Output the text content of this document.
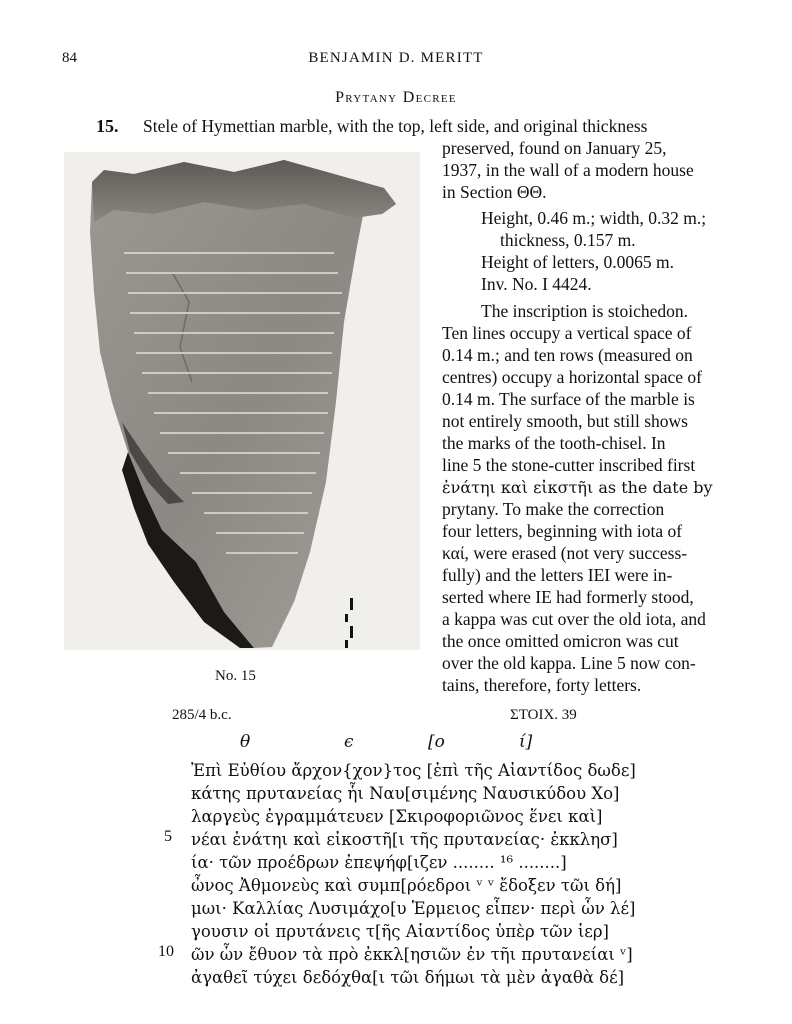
84	BENJAMIN D. MERITT
Prytany Decree
15. Stele of Hymettian marble, with the top, left side, and original thickness
preserved, found on January 25,
1937, in the wall of a modern house
in Section ΘΘ.
Height, 0.46 m.; width, 0.32 m.;
thickness, 0.157 m.
Height of letters, 0.0065 m.
Inv. No. I 4424.
The inscription is stoichedon.
Ten lines occupy a vertical space of
0.14 m.; and ten rows (measured on
centres) occupy a horizontal space of
0.14 m. The surface of the marble is
not entirely smooth, but still shows
the marks of the tooth-chisel. In
line 5 the stone-cutter inscribed first
ἐνάτηι καὶ εἰκστῆι as the date by
prytany. To make the correction
four letters, beginning with iota of
καί, were erased (not very success-
fully) and the letters ΙΕΙ were in-
serted where ΙΕ had formerly stood,
a kappa was cut over the old iota, and
the once omitted omicron was cut
over the old kappa. Line 5 now con-
tains, therefore, forty letters.
No. 15
285/4 b.c.	ΣΤΟΙΧ. 39
θ	ϵ	[ο	ί]
Ἐπὶ Εὐθίου ἄρχον{χον}τος [ἐπὶ τῆς Αἰαντίδος δωδε]
κάτης πρυτανείας ἧι Ναυ[σιμένης Ναυσικύδου Χο]
λαργεὺς ἐγραμμάτευεν [Σκιροφοριῶνος ἕνει καὶ]
νέαι ἐνάτηι καὶ εἰκοστῆ[ι τῆς πρυτανείας· ἐκκλησ]
ία· τῶν προέδρων ἐπεψήφ[ιζεν ........ ¹⁶ ........]
ὦνος Ἀθμονεὺς καὶ συμπ[ρόεδροι ᵛ ᵛ ἔδοξεν τῶι δή]
μωι· Καλλίας Λυσιμάχο[υ Ἑρμειος εἶπεν· περὶ ὧν λέ]
γουσιν οἱ πρυτάνεις τ[ῆς Αἰαντίδος ὑπὲρ τῶν ἱερ]
ῶν ὧν ἔθυον τὰ πρὸ ἐκκλ[ησιῶν ἐν τῆι πρυτανείαι ᵛ]
ἀγαθεῖ τύχει δεδόχθα[ι τῶι δήμωι τὰ μὲν ἀγαθὰ δέ]
5
10
